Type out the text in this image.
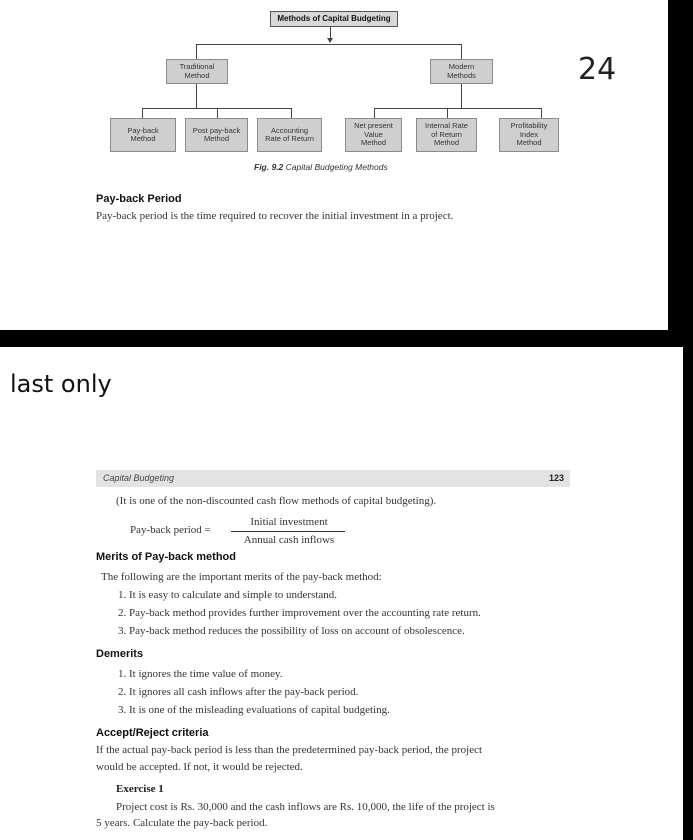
Methods of Capital Budgeting
Traditional
Method
Modern
Methods
Pay-back
Method
Post pay-back
Method
Accounting
Rate of Return
Net present
Value
Method
Internal Rate
of Return
Method
Profitability
Index
Method
Fig. 9.2 Capital Budgeting Methods
Pay-back Period
Pay-back period is the time required to recover the initial investment in a project.
24
last only
Capital Budgeting	123
(It is one of the non-discounted cash flow methods of capital budgeting).
Pay-back period =
Initial investment
Annual cash inflows
Merits of Pay-back method
The following are the important merits of the pay-back method:
1. It is easy to calculate and simple to understand.
2. Pay-back method provides further improvement over the accounting rate return.
3. Pay-back method reduces the possibility of loss on account of obsolescence.
Demerits
1. It ignores the time value of money.
2. It ignores all cash inflows after the pay-back period.
3. It is one of the misleading evaluations of capital budgeting.
Accept/Reject criteria
If the actual pay-back period is less than the predetermined pay-back period, the project
would be accepted. If not, it would be rejected.
Exercise 1
Project cost is Rs. 30,000 and the cash inflows are Rs. 10,000, the life of the project is
5 years. Calculate the pay-back period.
